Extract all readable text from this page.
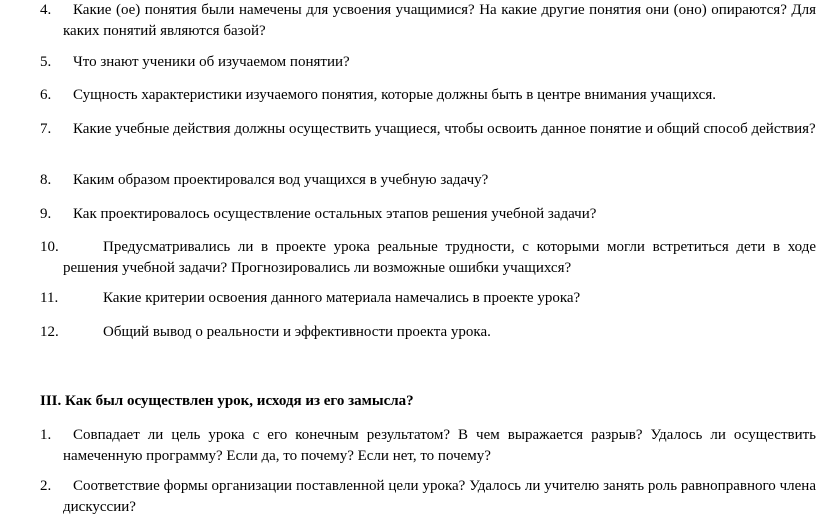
4. Какие (ое) понятия были намечены для усвоения учащимися? На какие другие понятия они (оно) опираются? Для каких понятий являются базой?
5. Что знают ученики об изучаемом понятии?
6. Сущность характеристики изучаемого понятия, которые должны быть в центре внимания учащихся.
7. Какие учебные действия должны осуществить учащиеся, чтобы освоить данное понятие и общий способ действия?
8. Каким образом проектировался вод учащихся в учебную задачу?
9. Как проектировалось осуществление остальных этапов решения учебной задачи?
10.	Предусматривались ли в проекте урока реальные трудности, с которыми могли встретиться дети в ходе решения учебной задачи? Прогнозировались ли возможные ошибки учащихся?
11.	Какие критерии освоения данного материала намечались в проекте урока?
12.	Общий вывод о реальности и эффективности проекта урока.
III. Как был осуществлен урок, исходя из его замысла?
1. Совпадает ли цель урока с его конечным результатом? В чем выражается разрыв? Удалось ли осуществить намеченную программу? Если да, то почему? Если нет, то почему?
2. Соответствие формы организации поставленной цели урока? Удалось ли учителю занять роль равноправного члена дискуссии?
